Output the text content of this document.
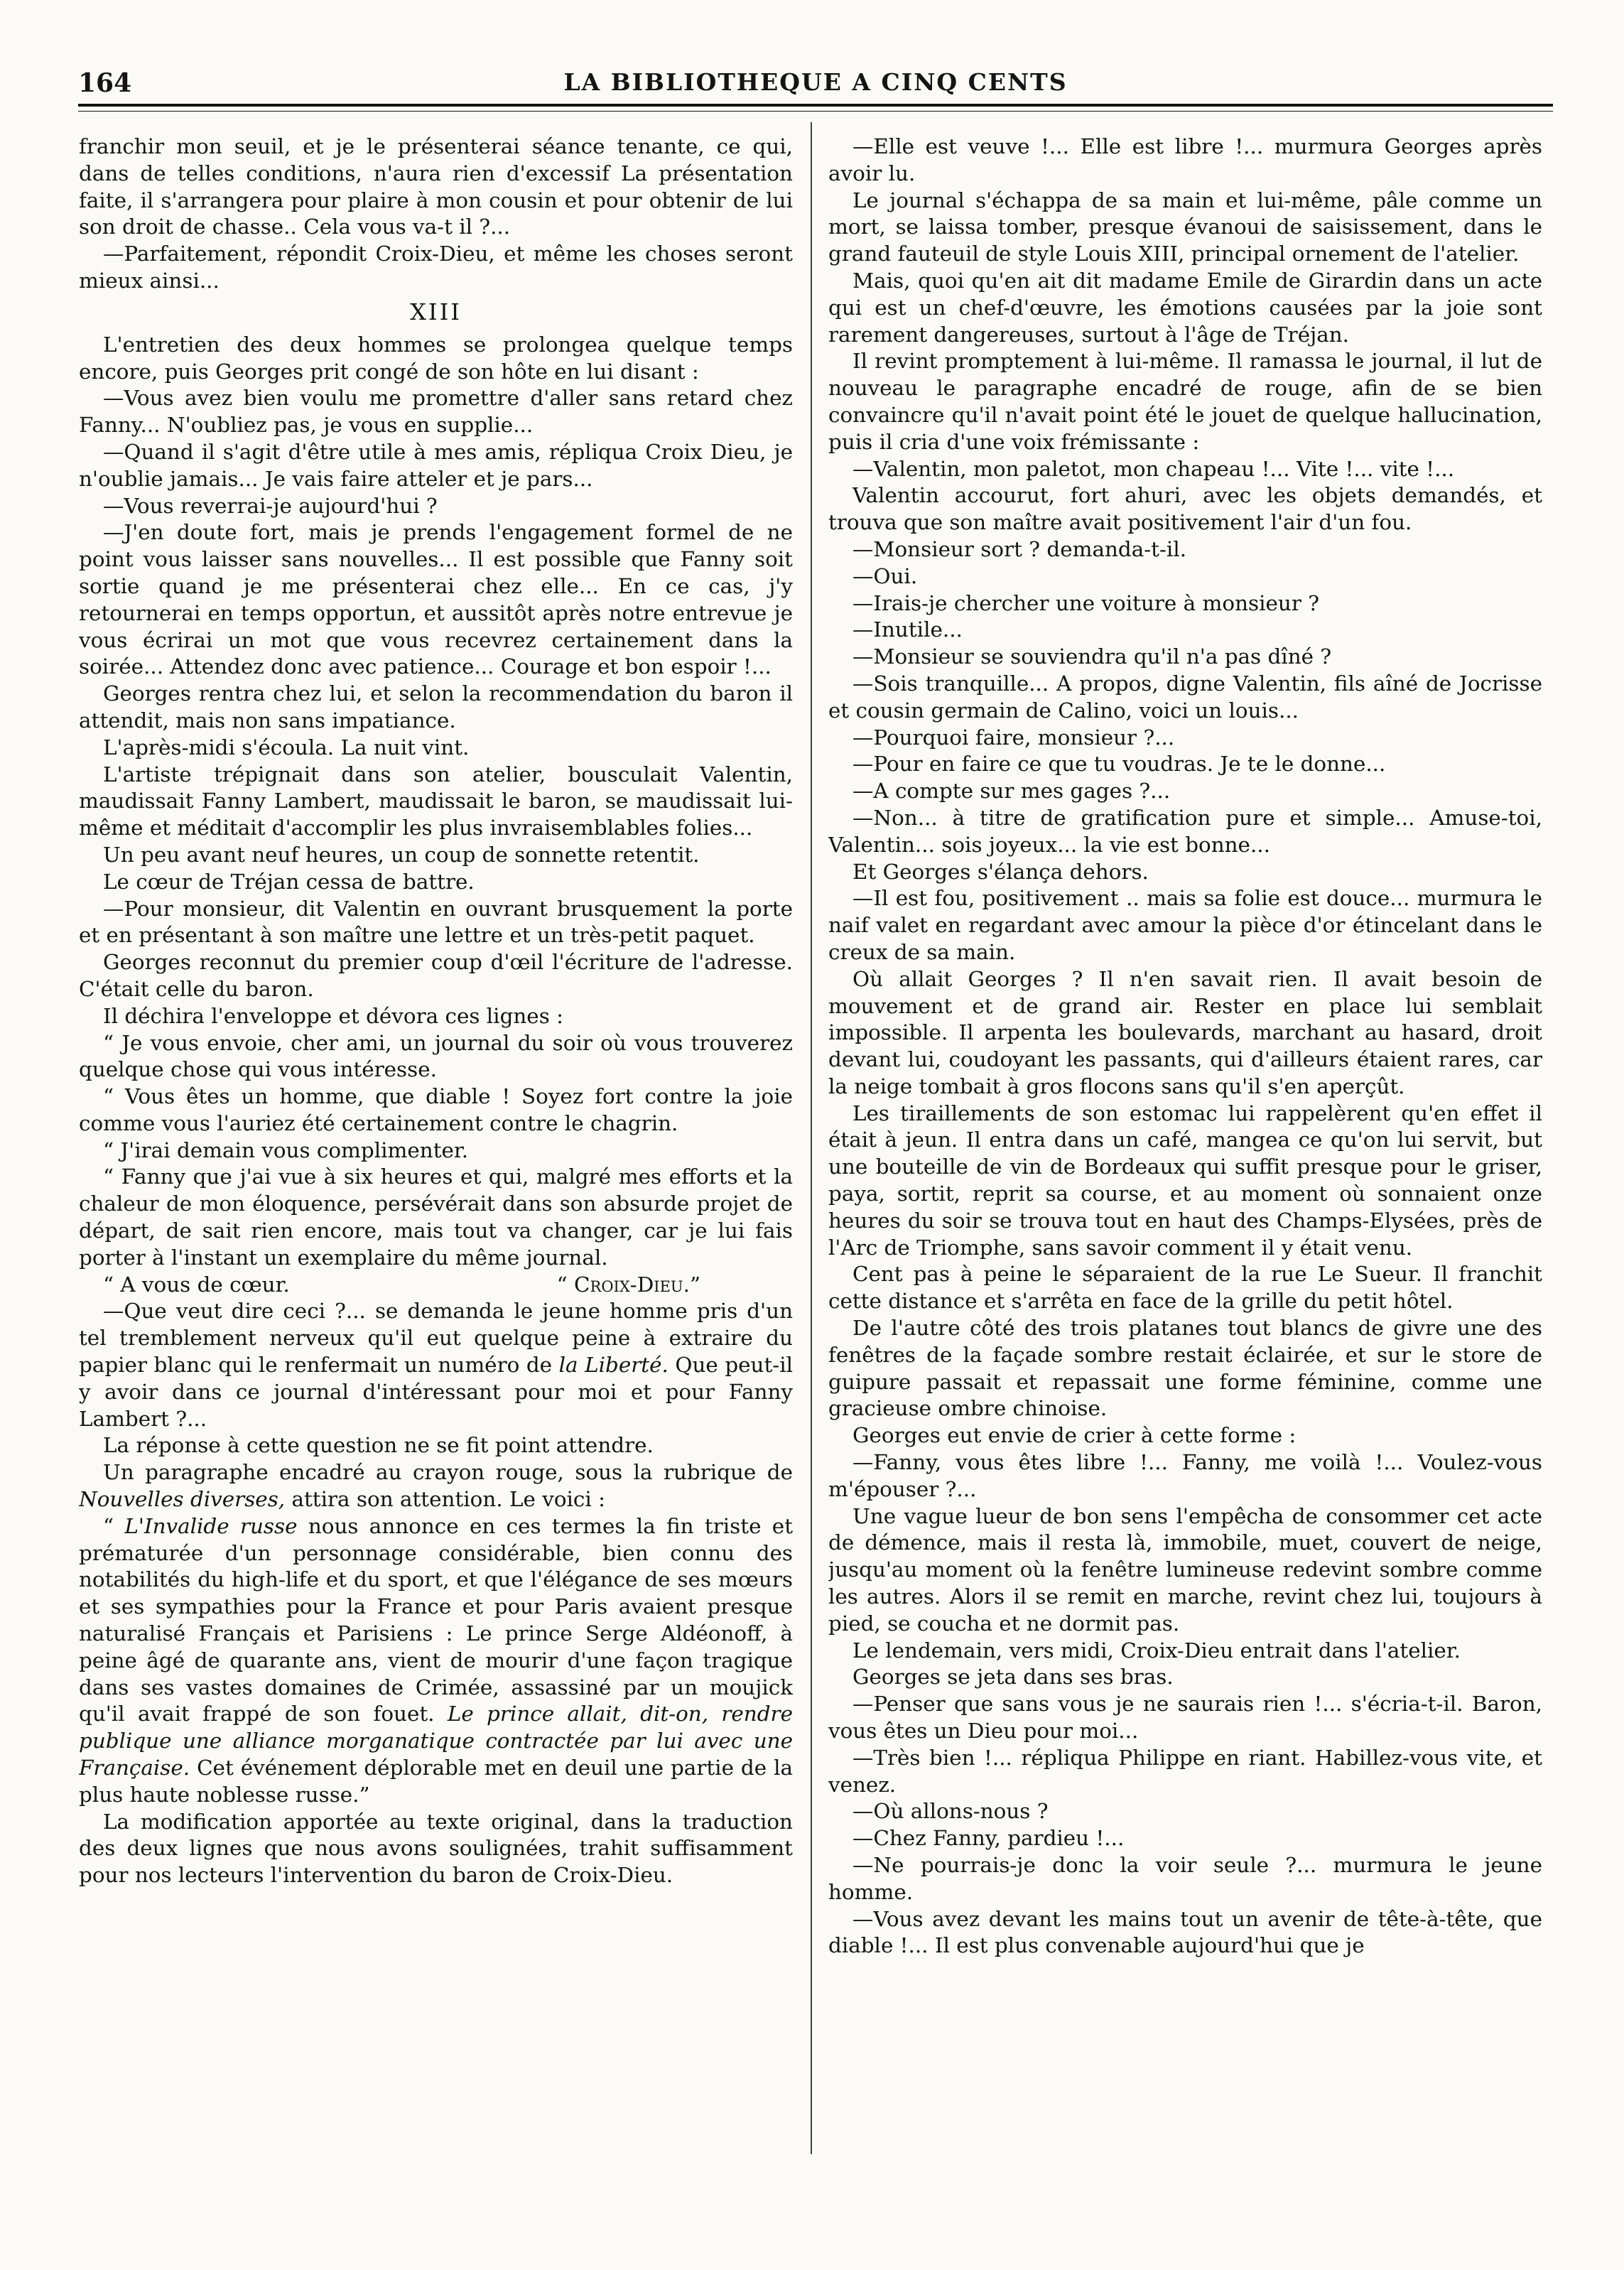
164	LA BIBLIOTHEQUE A CINQ CENTS

franchir mon seuil, et je le présenterai séance tenante, ce qui, dans de telles conditions, n'aura rien d'excessif La présentation faite, il s'arrangera pour plaire à mon cousin et pour obtenir de lui son droit de chasse.. Cela vous va-t il ?...

—Parfaitement, répondit Croix-Dieu, et même les choses seront mieux ainsi...

XIII

L'entretien des deux hommes se prolongea quelque temps encore, puis Georges prit congé de son hôte en lui disant :

—Vous avez bien voulu me promettre d'aller sans retard chez Fanny... N'oubliez pas, je vous en supplie...

—Quand il s'agit d'être utile à mes amis, répliqua Croix Dieu, je n'oublie jamais... Je vais faire atteler et je pars...

—Vous reverrai-je aujourd'hui ?

—J'en doute fort, mais je prends l'engagement formel de ne point vous laisser sans nouvelles... Il est possible que Fanny soit sortie quand je me présenterai chez elle... En ce cas, j'y retournerai en temps opportun, et aussitôt après notre entrevue je vous écrirai un mot que vous recevrez certainement dans la soirée... Attendez donc avec patience... Courage et bon espoir !...

Georges rentra chez lui, et selon la recommendation du baron il attendit, mais non sans impatiance.

L'après-midi s'écoula. La nuit vint.

L'artiste trépignait dans son atelier, bousculait Valentin, maudissait Fanny Lambert, maudissait le baron, se maudissait lui-même et méditait d'accomplir les plus invraisemblables folies...

Un peu avant neuf heures, un coup de sonnette retentit.

Le cœur de Tréjan cessa de battre.

—Pour monsieur, dit Valentin en ouvrant brusquement la porte et en présentant à son maître une lettre et un très-petit paquet.

Georges reconnut du premier coup d'œil l'écriture de l'adresse. C'était celle du baron.

Il déchira l'enveloppe et dévora ces lignes :

“ Je vous envoie, cher ami, un journal du soir où vous trouverez quelque chose qui vous intéresse.

“ Vous êtes un homme, que diable ! Soyez fort contre la joie comme vous l'auriez été certainement contre le chagrin.

“ J'irai demain vous complimenter.

“ Fanny que j'ai vue à six heures et qui, malgré mes efforts et la chaleur de mon éloquence, persévérait dans son absurde projet de départ, de sait rien encore, mais tout va changer, car je lui fais porter à l'instant un exemplaire du même journal.

“ A vous de cœur.	“ Croix-Dieu.”

—Que veut dire ceci ?... se demanda le jeune homme pris d'un tel tremblement nerveux qu'il eut quelque peine à extraire du papier blanc qui le renfermait un numéro de la Liberté. Que peut-il y avoir dans ce journal d'intéressant pour moi et pour Fanny Lambert ?...

La réponse à cette question ne se fit point attendre.

Un paragraphe encadré au crayon rouge, sous la rubrique de Nouvelles diverses, attira son attention. Le voici :

“ L'Invalide russe nous annonce en ces termes la fin triste et prématurée d'un personnage considérable, bien connu des notabilités du high-life et du sport, et que l'élégance de ses mœurs et ses sympathies pour la France et pour Paris avaient presque naturalisé Français et Parisiens : Le prince Serge Aldéonoff, à peine âgé de quarante ans, vient de mourir d'une façon tragique dans ses vastes domaines de Crimée, assassiné par un moujick qu'il avait frappé de son fouet. Le prince allait, dit-on, rendre publique une alliance morganatique contractée par lui avec une Française. Cet événement déplorable met en deuil une partie de la plus haute noblesse russe.”

La modification apportée au texte original, dans la traduction des deux lignes que nous avons soulignées, trahit suffisamment pour nos lecteurs l'intervention du baron de Croix-Dieu.

—Elle est veuve !... Elle est libre !... murmura Georges après avoir lu.

Le journal s'échappa de sa main et lui-même, pâle comme un mort, se laissa tomber, presque évanoui de saisissement, dans le grand fauteuil de style Louis XIII, principal ornement de l'atelier.

Mais, quoi qu'en ait dit madame Emile de Girardin dans un acte qui est un chef-d'œuvre, les émotions causées par la joie sont rarement dangereuses, surtout à l'âge de Tréjan.

Il revint promptement à lui-même. Il ramassa le journal, il lut de nouveau le paragraphe encadré de rouge, afin de se bien convaincre qu'il n'avait point été le jouet de quelque hallucination, puis il cria d'une voix frémissante :

—Valentin, mon paletot, mon chapeau !... Vite !... vite !...

Valentin accourut, fort ahuri, avec les objets demandés, et trouva que son maître avait positivement l'air d'un fou.

—Monsieur sort ? demanda-t-il.

—Oui.

—Irais-je chercher une voiture à monsieur ?

—Inutile...

—Monsieur se souviendra qu'il n'a pas dîné ?

—Sois tranquille... A propos, digne Valentin, fils aîné de Jocrisse et cousin germain de Calino, voici un louis...

—Pourquoi faire, monsieur ?...

—Pour en faire ce que tu voudras. Je te le donne...

—A compte sur mes gages ?...

—Non... à titre de gratification pure et simple... Amuse-toi, Valentin... sois joyeux... la vie est bonne...

Et Georges s'élança dehors.

—Il est fou, positivement .. mais sa folie est douce... murmura le naif valet en regardant avec amour la pièce d'or étincelant dans le creux de sa main.

Où allait Georges ? Il n'en savait rien. Il avait besoin de mouvement et de grand air. Rester en place lui semblait impossible. Il arpenta les boulevards, marchant au hasard, droit devant lui, coudoyant les passants, qui d'ailleurs étaient rares, car la neige tombait à gros flocons sans qu'il s'en aperçût.

Les tiraillements de son estomac lui rappelèrent qu'en effet il était à jeun. Il entra dans un café, mangea ce qu'on lui servit, but une bouteille de vin de Bordeaux qui suffit presque pour le griser, paya, sortit, reprit sa course, et au moment où sonnaient onze heures du soir se trouva tout en haut des Champs-Elysées, près de l'Arc de Triomphe, sans savoir comment il y était venu.

Cent pas à peine le séparaient de la rue Le Sueur. Il franchit cette distance et s'arrêta en face de la grille du petit hôtel.

De l'autre côté des trois platanes tout blancs de givre une des fenêtres de la façade sombre restait éclairée, et sur le store de guipure passait et repassait une forme féminine, comme une gracieuse ombre chinoise.

Georges eut envie de crier à cette forme :

—Fanny, vous êtes libre !... Fanny, me voilà !... Voulez-vous m'épouser ?...

Une vague lueur de bon sens l'empêcha de consommer cet acte de démence, mais il resta là, immobile, muet, couvert de neige, jusqu'au moment où la fenêtre lumineuse redevint sombre comme les autres. Alors il se remit en marche, revint chez lui, toujours à pied, se coucha et ne dormit pas.

Le lendemain, vers midi, Croix-Dieu entrait dans l'atelier.

Georges se jeta dans ses bras.

—Penser que sans vous je ne saurais rien !... s'écria-t-il. Baron, vous êtes un Dieu pour moi...

—Très bien !... répliqua Philippe en riant. Habillez-vous vite, et venez.

—Où allons-nous ?

—Chez Fanny, pardieu !...

—Ne pourrais-je donc la voir seule ?... murmura le jeune homme.

—Vous avez devant les mains tout un avenir de tête-à-tête, que diable !... Il est plus convenable aujourd'hui que je
